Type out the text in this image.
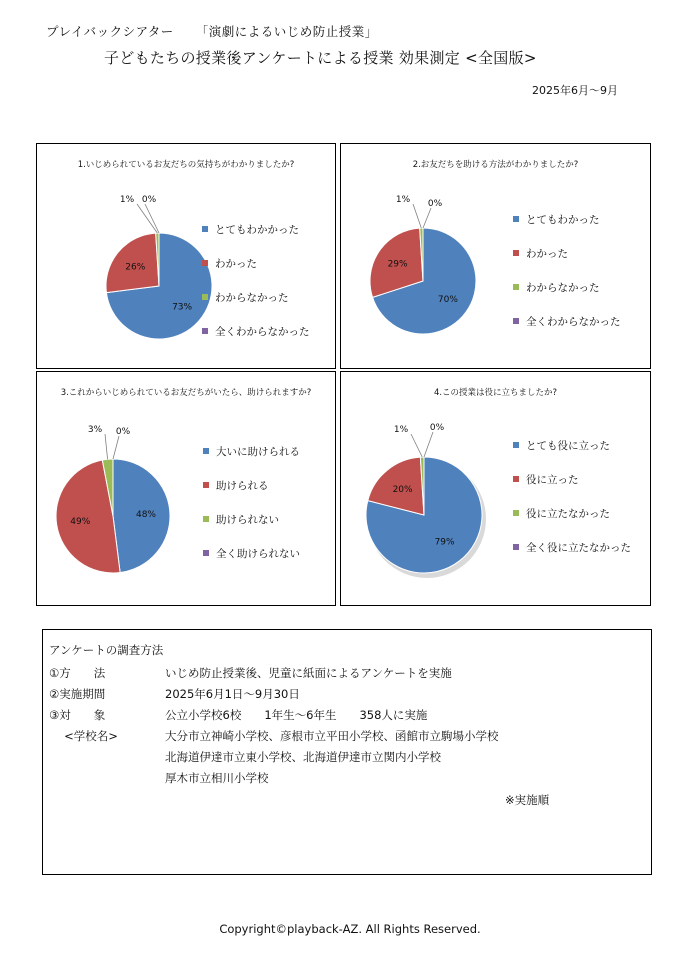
プレイバックシアター 「演劇によるいじめ防止授業」
子どもたちの授業後アンケートによる授業 効果測定 <全国版>
2025年6月～9月
1.いじめられているお友だちの気持ちがわかりましたか?
73%
26%
1% 0%
とてもわかかった
わかった
わからなかった
全くわからなかった
2.お友だちを助ける方法がわかりましたか?
70%
29%
1% 0%
とてもわかった
わかった
わからなかった
全くわからなかった
3.これからいじめられているお友だちがいたら、助けられますか?
48%
49%
3% 0%
大いに助けられる
助けられる
助けられない
全く助けられない
4.この授業は役に立ちましたか?
79%
20%
1% 0%
とても役に立った
役に立った
役に立たなかった
全く役に立たなかった
アンケートの調査方法
①方　　法	いじめ防止授業後、児童に紙面によるアンケートを実施
②実施期間	2025年6月1日～9月30日
③対　　象	公立小学校6校　　1年生～6年生　　358人に実施
　 <学校名>	大分市立神崎小学校、彦根市立平田小学校、函館市立駒場小学校
北海道伊達市立東小学校、北海道伊達市立関内小学校
厚木市立相川小学校
※実施順
Copyright©playback-AZ. All Rights Reserved.
